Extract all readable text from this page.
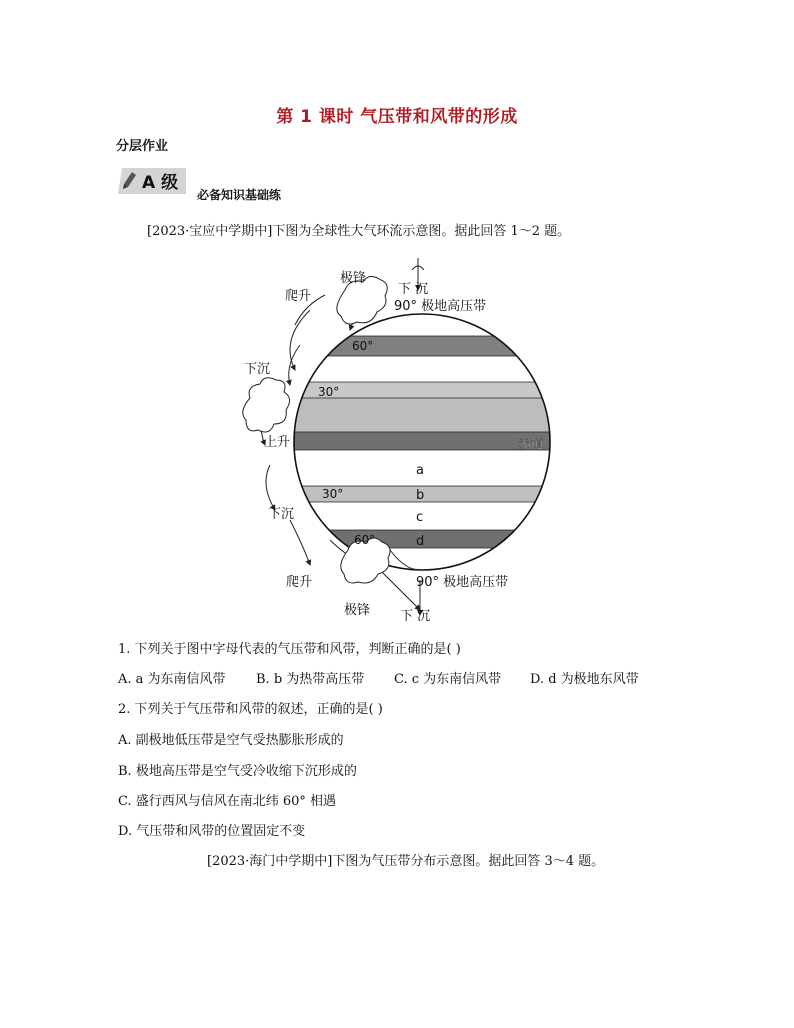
第 1 课时 气压带和风带的形成
分层作业
A 级
必备知识基础练
[2023·宝应中学期中]下图为全球性大气环流示意图。据此回答 1～2 题。
极锋
下 沉
90° 极地高压带
爬升
60°
下沉
30°
上升	赤道
a
30°	b
c
下沉
60°	d
爬升	90° 极地高压带
极锋 下 沉
1. 下列关于图中字母代表的气压带和风带，判断正确的是( )
A. a 为东南信风带 B. b 为热带高压带 C. c 为东南信风带 D. d 为极地东风带
2. 下列关于气压带和风带的叙述，正确的是( )
A. 副极地低压带是空气受热膨胀形成的
B. 极地高压带是空气受冷收缩下沉形成的
C. 盛行西风与信风在南北纬 60° 相遇
D. 气压带和风带的位置固定不变
[2023·海门中学期中]下图为气压带分布示意图。据此回答 3～4 题。
